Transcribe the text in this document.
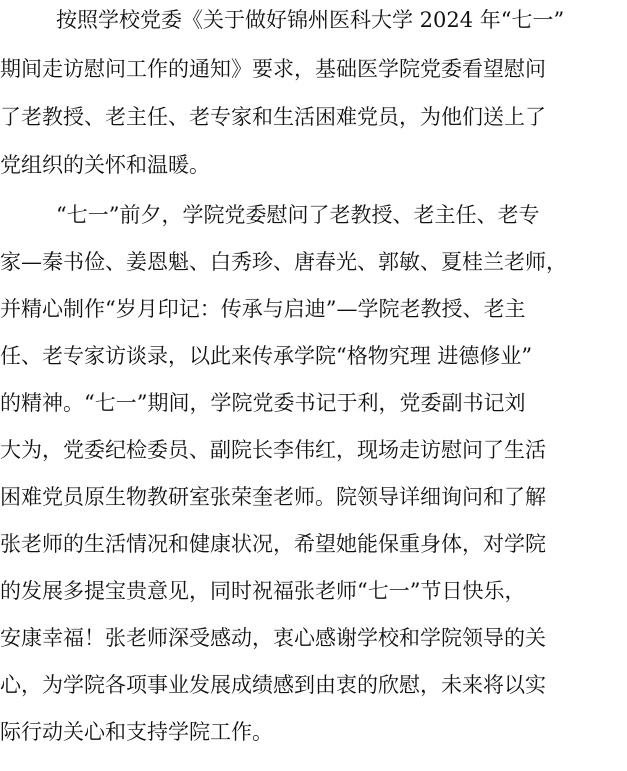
按照学校党委《关于做好锦州医科大学 2024 年“七一”
期间走访慰问工作的通知》要求，基础医学院党委看望慰问
了老教授、老主任、老专家和生活困难党员，为他们送上了
党组织的关怀和温暖。
“七一”前夕，学院党委慰问了老教授、老主任、老专
家—秦书俭、姜恩魁、白秀珍、唐春光、郭敏、夏桂兰老师，
并精心制作“岁月印记：传承与启迪”—学院老教授、老主
任、老专家访谈录，以此来传承学院“格物究理 进德修业”
的精神。“七一”期间，学院党委书记于利，党委副书记刘
大为，党委纪检委员、副院长李伟红，现场走访慰问了生活
困难党员原生物教研室张荣奎老师。院领导详细询问和了解
张老师的生活情况和健康状况，希望她能保重身体，对学院
的发展多提宝贵意见，同时祝福张老师“七一”节日快乐，
安康幸福！张老师深受感动，衷心感谢学校和学院领导的关
心，为学院各项事业发展成绩感到由衷的欣慰，未来将以实
际行动关心和支持学院工作。
